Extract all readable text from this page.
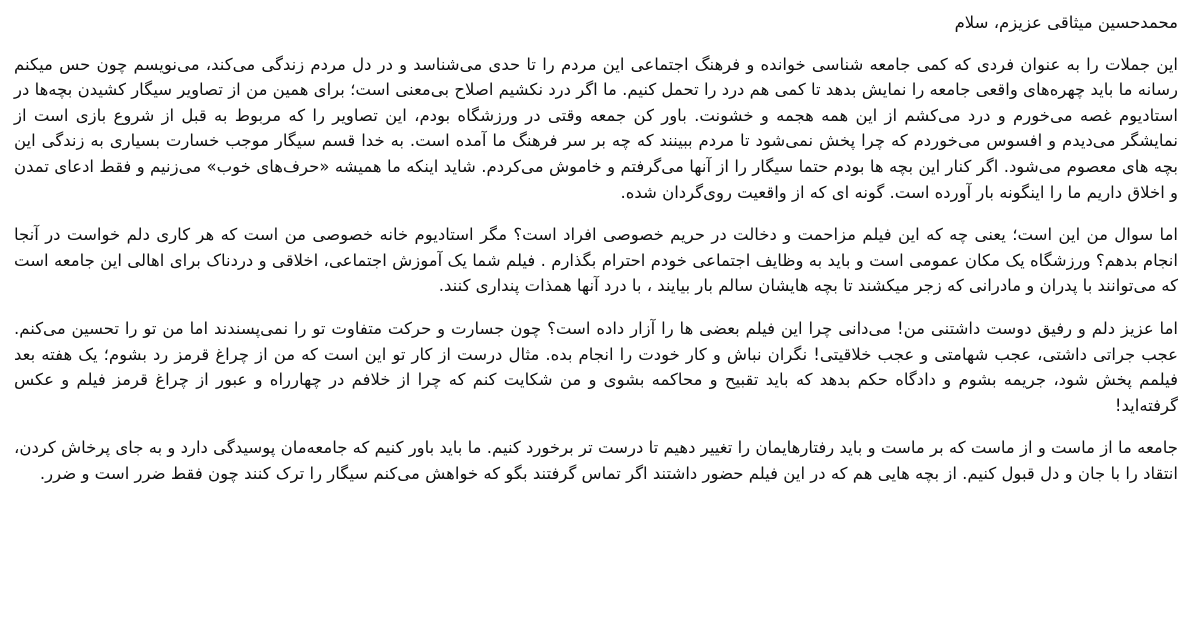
محمدحسین میثاقی عزیزم، سلام

این جملات را به عنوان فردی که کمی جامعه شناسی خوانده و فرهنگ اجتماعی این مردم را تا حدی می‌شناسد و در دل مردم زندگی می‌کند، می‌نویسم چون حس میکنم رسانه ما باید چهره‌های واقعی جامعه را نمایش بدهد تا کمی هم درد را تحمل کنیم. ما اگر درد نکشیم اصلاح بی‌معنی است؛ برای همین من از تصاویر سیگار کشیدن بچه‌ها در استادیوم غصه می‌خورم و درد می‌کشم از این همه هجمه و خشونت. باور کن جمعه وقتی در ورزشگاه بودم، این تصاویر را که مربوط به قبل از شروع بازی است از نمایشگر می‌دیدم و افسوس می‌خوردم که چرا پخش نمی‌شود تا مردم ببینند که چه بر سر فرهنگ ما آمده است. به خدا قسم سیگار موجب خسارت بسیاری به زندگی این بچه های معصوم می‌شود. اگر کنار این بچه ها بودم حتما سیگار را از آنها می‌گرفتم و خاموش می‌کردم. شاید اینکه ما همیشه «حرف‌های خوب» می‌زنیم و فقط ادعای تمدن و اخلاق داریم ما را اینگونه بار آورده است. گونه ای که از واقعیت روی‌گردان شده.

اما سوال من این است؛ یعنی چه که این فیلم مزاحمت و دخالت در حریم خصوصی افراد است؟ مگر استادیوم خانه خصوصی من است که هر کاری دلم خواست در آنجا انجام بدهم؟ ورزشگاه یک مکان عمومی است و باید به وظایف اجتماعی خودم احترام بگذارم . فیلم شما یک آموزش اجتماعی، اخلاقی و دردناک برای اهالی این جامعه است که می‌توانند با پدران و مادرانی که زجر میکشند تا بچه هایشان سالم بار بیایند ، با درد آنها همذات پنداری کنند.

اما عزیز دلم و رفیق دوست داشتنی من! می‌دانی چرا این فیلم بعضی ها را آزار داده است؟ چون جسارت و حرکت متفاوت تو را نمی‌پسندند اما من تو را تحسین می‌کنم. عجب جراتی داشتی، عجب شهامتی و عجب خلاقیتی! نگران نباش و کار خودت را انجام بده. مثال درست از کار تو این است که من از چراغ قرمز رد بشوم؛ یک هفته بعد فیلمم پخش شود، جریمه بشوم و دادگاه حکم بدهد که باید تقبیح و محاکمه بشوی و من شکایت کنم که چرا از خلافم در چهارراه و عبور از چراغ قرمز فیلم و عکس گرفته‌اید!

جامعه ما از ماست و از ماست که بر ماست و باید رفتارهایمان را تغییر دهیم تا درست تر برخورد کنیم. ما باید باور کنیم که جامعه‌مان پوسیدگی دارد و به جای پرخاش کردن، انتقاد را با جان و دل قبول کنیم. از بچه هایی هم که در این فیلم حضور داشتند اگر تماس گرفتند بگو که خواهش می‌کنم سیگار را ترک کنند چون فقط ضرر است و ضرر.
